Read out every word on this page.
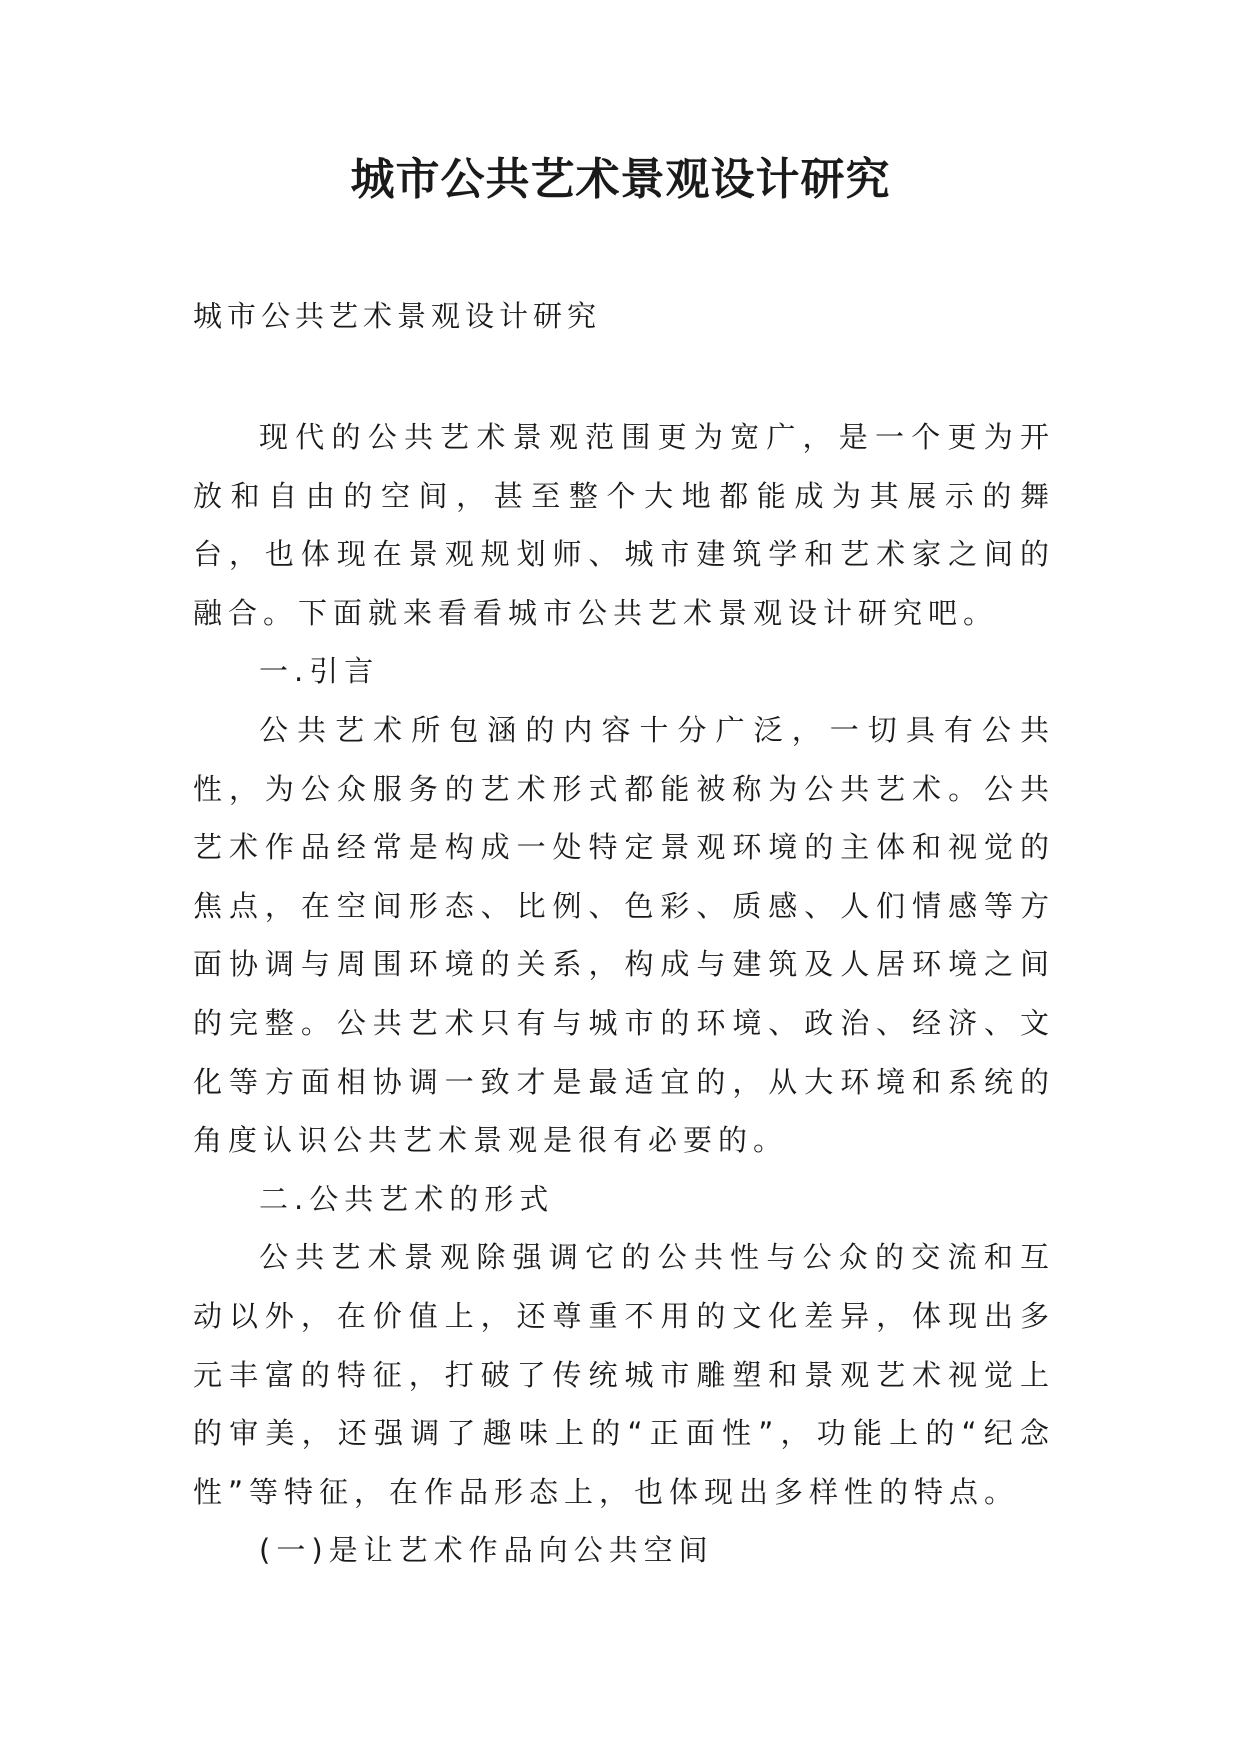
城市公共艺术景观设计研究

城市公共艺术景观设计研究

现代的公共艺术景观范围更为宽广，是一个更为开放和自由的空间，甚至整个大地都能成为其展示的舞台，也体现在景观规划师、城市建筑学和艺术家之间的融合。下面就来看看城市公共艺术景观设计研究吧。

一.引言

公共艺术所包涵的内容十分广泛，一切具有公共性，为公众服务的艺术形式都能被称为公共艺术。公共艺术作品经常是构成一处特定景观环境的主体和视觉的焦点，在空间形态、比例、色彩、质感、人们情感等方面协调与周围环境的关系，构成与建筑及人居环境之间的完整。公共艺术只有与城市的环境、政治、经济、文化等方面相协调一致才是最适宜的，从大环境和系统的角度认识公共艺术景观是很有必要的。

二.公共艺术的形式

公共艺术景观除强调它的公共性与公众的交流和互动以外，在价值上，还尊重不用的文化差异，体现出多元丰富的特征，打破了传统城市雕塑和景观艺术视觉上的审美，还强调了趣味上的“正面性”，功能上的“纪念性”等特征，在作品形态上，也体现出多样性的特点。

(一)是让艺术作品向公共空间
